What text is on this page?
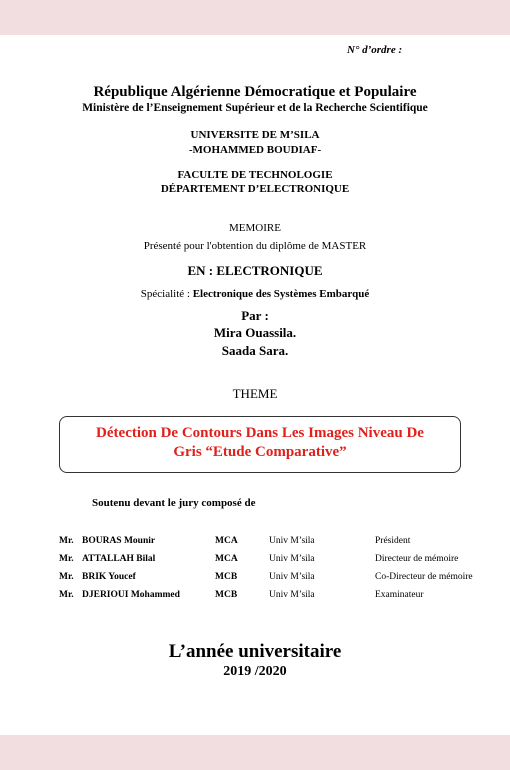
N° d’ordre :
République Algérienne Démocratique et Populaire
Ministère de l’Enseignement Supérieur et de la Recherche Scientifique
UNIVERSITE DE M’SILA
-MOHAMMED BOUDIAF-
FACULTE DE TECHNOLOGIE
DÉPARTEMENT D’ELECTRONIQUE
MEMOIRE
Présenté pour l'obtention du diplôme de MASTER
EN : ELECTRONIQUE
Spécialité : Electronique des Systèmes Embarqué
Par :
Mira Ouassila.
Saada Sara.
THEME
Détection De Contours Dans Les Images Niveau De
Gris “Etude Comparative”
Soutenu devant le jury composé de
Mr. BOURAS Mounir	MCA	Univ M’sila	Président
Mr. ATTALLAH Bilal	MCA	Univ M’sila	Directeur de mémoire
Mr. BRIK Youcef	MCB	Univ M’sila	Co-Directeur de mémoire
Mr. DJERIOUI Mohammed	MCB	Univ M’sila	Examinateur
L’année universitaire
2019 /2020
